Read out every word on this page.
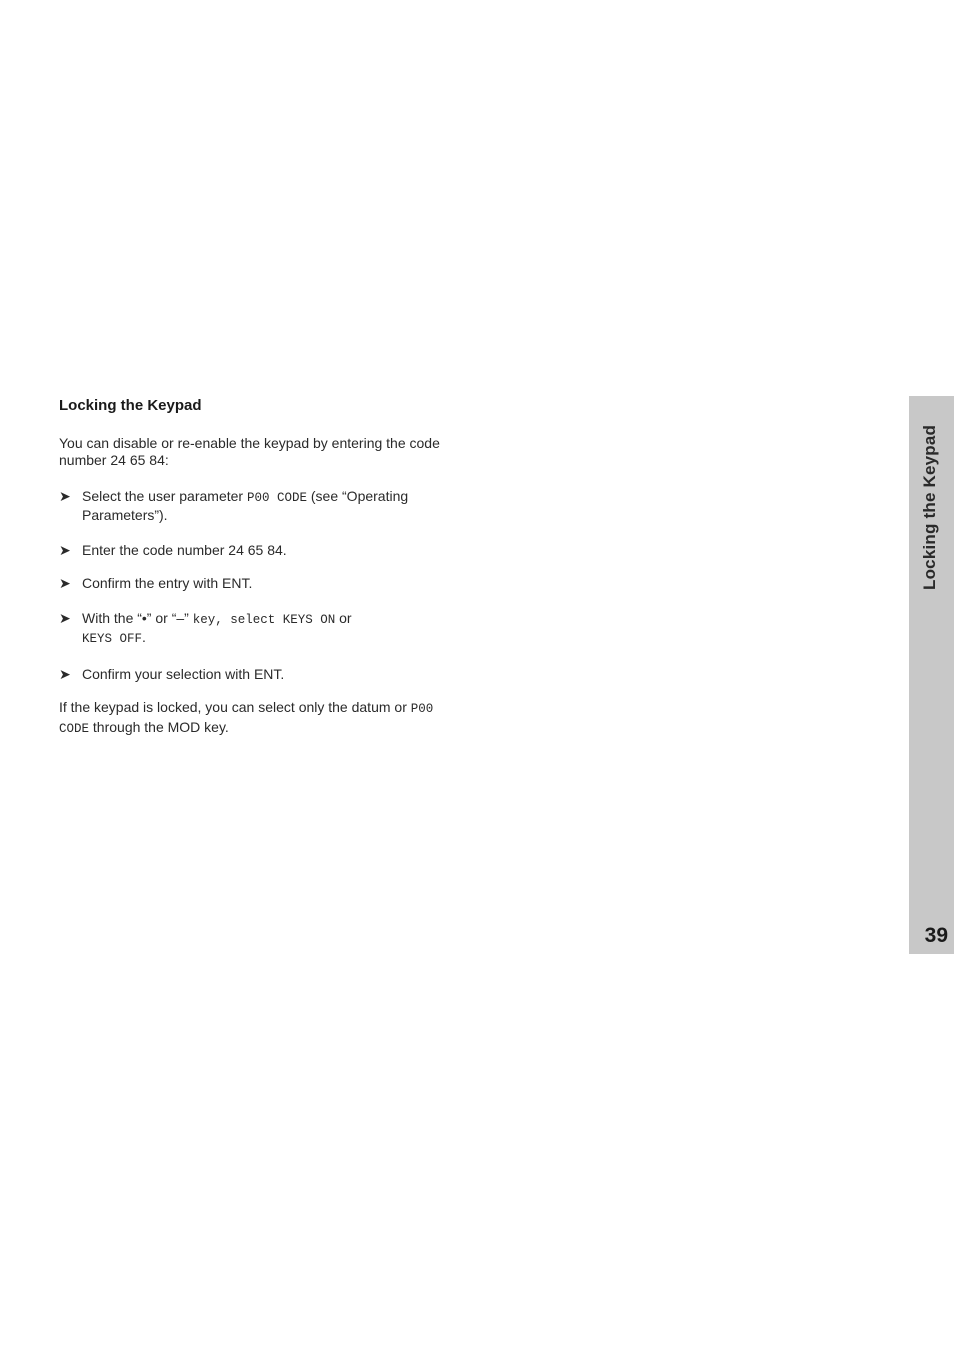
Locking the Keypad

You can disable or re-enable the keypad by entering the code number 24 65 84:

➤ Select the user parameter P00 CODE (see “Operating Parameters”).
➤ Enter the code number 24 65 84.
➤ Confirm the entry with ENT.
➤ With the “•” or “–” key, select KEYS ON or
KEYS OFF.
➤ Confirm your selection with ENT.

If the keypad is locked, you can select only the datum or P00 CODE through the MOD key.

Locking the Keypad
39
